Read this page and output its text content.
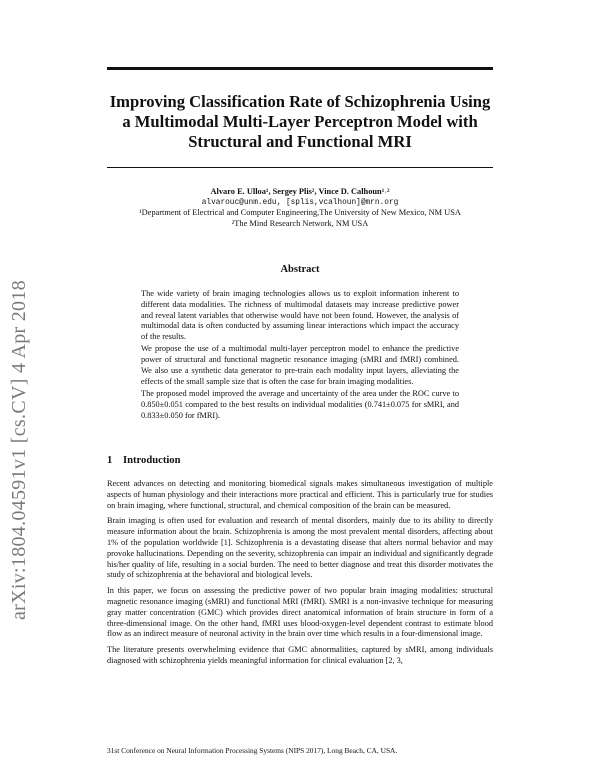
arXiv:1804.04591v1 [cs.CV] 4 Apr 2018
Improving Classification Rate of Schizophrenia Using
a Multimodal Multi-Layer Perceptron Model with
Structural and Functional MRI
Alvaro E. Ulloa¹, Sergey Plis², Vince D. Calhoun¹˒²
alvarouc@unm.edu, [splis,vcalhoun]@mrn.org
¹Department of Electrical and Computer Engineering,The University of New Mexico, NM USA
²The Mind Research Network, NM USA
Abstract

The wide variety of brain imaging technologies allows us to exploit information inherent to different data modalities. The richness of multimodal datasets may increase predictive power and reveal latent variables that otherwise would have not been found. However, the analysis of multimodal data is often conducted by assuming linear interactions which impact the accuracy of the results.

We propose the use of a multimodal multi-layer perceptron model to enhance the predictive power of structural and functional magnetic resonance imaging (sMRI and fMRI) combined. We also use a synthetic data generator to pre-train each modality input layers, alleviating the effects of the small sample size that is often the case for brain imaging modalities.

The proposed model improved the average and uncertainty of the area under the ROC curve to 0.850±0.051 compared to the best results on individual modalities (0.741±0.075 for sMRI, and 0.833±0.050 for fMRI).

1 Introduction

Recent advances on detecting and monitoring biomedical signals makes simultaneous investigation of multiple aspects of human physiology and their interactions more practical and efficient. This is particularly true for studies on brain imaging, where functional, structural, and chemical composition of the brain can be measured.

Brain imaging is often used for evaluation and research of mental disorders, mainly due to its ability to directly measure information about the brain. Schizophrenia is among the most prevalent mental disorders, affecting about 1% of the population worldwide [1]. Schizophrenia is a devastating disease that alters normal behavior and may provoke hallucinations. Depending on the severity, schizophrenia can impair an individual and significantly degrade his/her quality of life, resulting in a social burden. The need to better diagnose and treat this disorder motivates the study of schizophrenia at the behavioral and biological levels.

In this paper, we focus on assessing the predictive power of two popular brain imaging modalities: structural magnetic resonance imaging (sMRI) and functional MRI (fMRI). SMRI is a non-invasive technique for measuring gray matter concentration (GMC) which provides direct anatomical information of brain structure in form of a three-dimensional image. On the other hand, fMRI uses blood-oxygen-level dependent contrast to estimate blood flow as an indirect measure of neuronal activity in the brain over time which results in a four-dimensional image.

The literature presents overwhelming evidence that GMC abnormalities, captured by sMRI, among individuals diagnosed with schizophrenia yields meaningful information for clinical evaluation [2, 3,

31st Conference on Neural Information Processing Systems (NIPS 2017), Long Beach, CA, USA.
